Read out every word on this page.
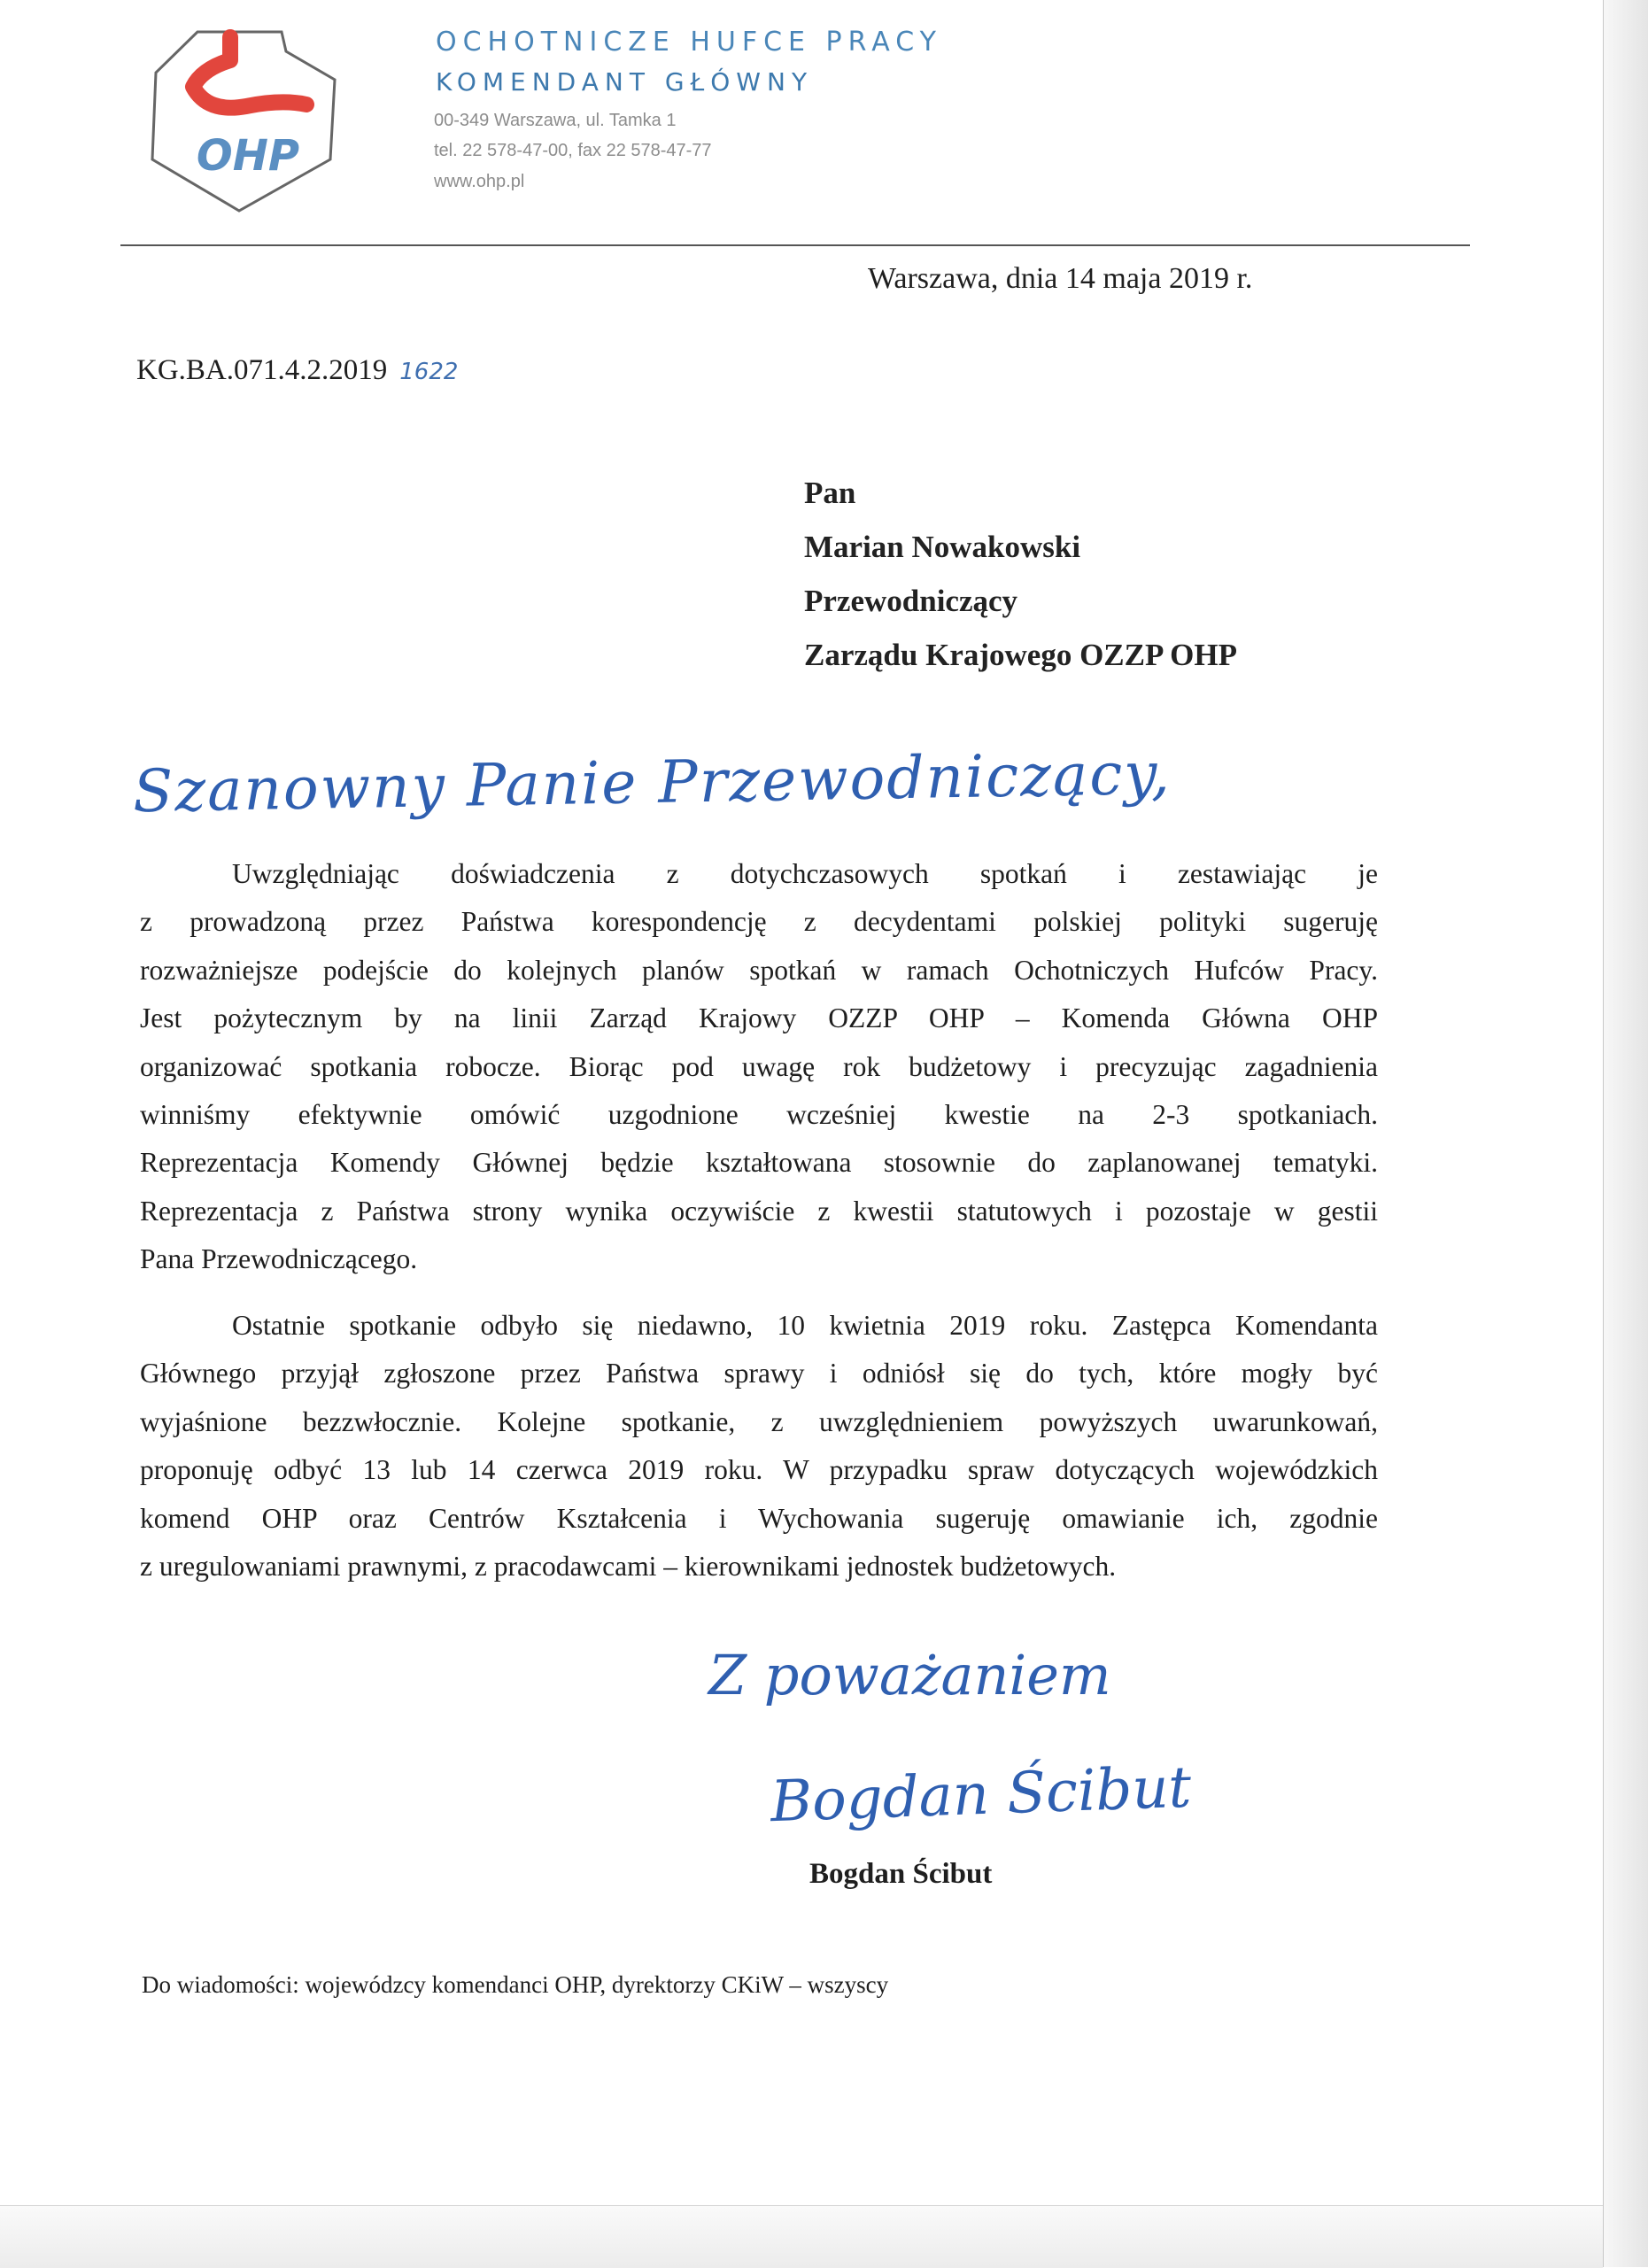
OHP
OCHOTNICZE HUFCE PRACY
KOMENDANT GŁÓWNY
00-349 Warszawa, ul. Tamka 1
tel. 22 578-47-00, fax 22 578-47-77
www.ohp.pl
Warszawa, dnia 14 maja 2019 r.
KG.BA.071.4.2.2019 1622
Pan
Marian Nowakowski
Przewodniczący
Zarządu Krajowego OZZP OHP
Szanowny Panie Przewodniczący,
Uwzględniając doświadczenia z dotychczasowych spotkań i zestawiając je
z prowadzoną przez Państwa korespondencję z decydentami polskiej polityki sugeruję
rozważniejsze podejście do kolejnych planów spotkań w ramach Ochotniczych Hufców Pracy.
Jest pożytecznym by na linii Zarząd Krajowy OZZP OHP – Komenda Główna OHP
organizować spotkania robocze. Biorąc pod uwagę rok budżetowy i precyzując zagadnienia
winniśmy efektywnie omówić uzgodnione wcześniej kwestie na 2-3 spotkaniach.
Reprezentacja Komendy Głównej będzie kształtowana stosownie do zaplanowanej tematyki.
Reprezentacja z Państwa strony wynika oczywiście z kwestii statutowych i pozostaje w gestii
Pana Przewodniczącego.
Ostatnie spotkanie odbyło się niedawno, 10 kwietnia 2019 roku. Zastępca Komendanta
Głównego przyjął zgłoszone przez Państwa sprawy i odniósł się do tych, które mogły być
wyjaśnione bezzwłocznie. Kolejne spotkanie, z uwzględnieniem powyższych uwarunkowań,
proponuję odbyć 13 lub 14 czerwca 2019 roku. W przypadku spraw dotyczących wojewódzkich
komend OHP oraz Centrów Kształcenia i Wychowania sugeruję omawianie ich, zgodnie
z uregulowaniami prawnymi, z pracodawcami – kierownikami jednostek budżetowych.
Z poważaniem
Bogdan Ścibut
Bogdan Ścibut
Do wiadomości: wojewódzcy komendanci OHP, dyrektorzy CKiW – wszyscy
